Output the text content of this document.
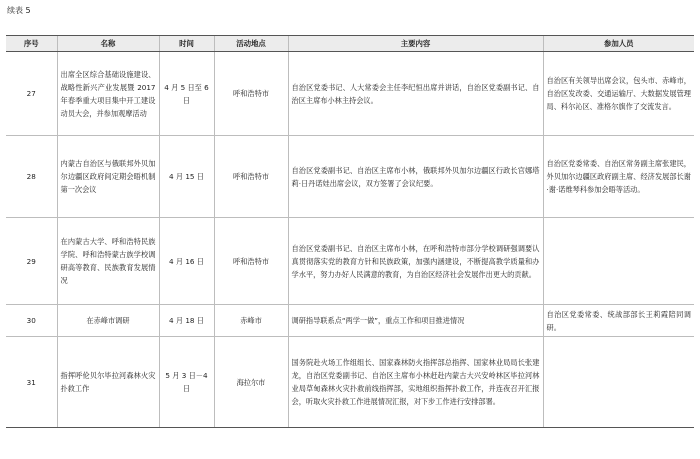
续表 5
序号	名称	时间	活动地点	主要内容	参加人员
27	出席全区综合基础设施建设、战略性新兴产业发展暨 2017 年春季重大项目集中开工建设动员大会，并参加观摩活动	4 月 5 日至 6 日	呼和浩特市	自治区党委书记、人大常委会主任李纪恒出席并讲话，自治区党委副书记、自治区主席布小林主持会议。	自治区有关领导出席会议，包头市、赤峰市，自治区发改委、交通运输厅、大数据发展管理局、科尔沁区、准格尔旗作了交流发言。
28	内蒙古自治区与俄联邦外贝加尔边疆区政府间定期会晤机制第一次会议	4 月 15 日	呼和浩特市	自治区党委副书记、自治区主席布小林，俄联邦外贝加尔边疆区行政长官娜塔莉·日丹诺娃出席会议，双方签署了会议纪要。	自治区党委常委、自治区常务副主席张建民，外贝加尔边疆区政府副主席、经济发展部长谢·谢·诺维琴科参加会晤等活动。
29	在内蒙古大学、呼和浩特民族学院、呼和浩特蒙古族学校调研高等教育、民族教育发展情况	4 月 16 日	呼和浩特市	自治区党委副书记、自治区主席布小林，在呼和浩特市部分学校调研强调要认真贯彻落实党的教育方针和民族政策，加强内涵建设，不断提高教学质量和办学水平，努力办好人民满意的教育，为自治区经济社会发展作出更大的贡献。	
30	在赤峰市调研	4 月 18 日	赤峰市	调研指导联系点“两学一做”，重点工作和项目推进情况	自治区党委常委、统战部部长王莉霞陪同调研。
31	指挥呼伦贝尔毕拉河森林火灾扑救工作	5 月 3 日－4 日	海拉尔市	国务院赴火场工作组组长、国家森林防火指挥部总指挥、国家林业局局长张建龙，自治区党委副书记、自治区主席布小林赶赴内蒙古大兴安岭林区毕拉河林业局草甸森林火灾扑救前线指挥部，实地组织指挥扑救工作，并连夜召开汇报会，听取火灾扑救工作进展情况汇报，对下步工作进行安排部署。	
